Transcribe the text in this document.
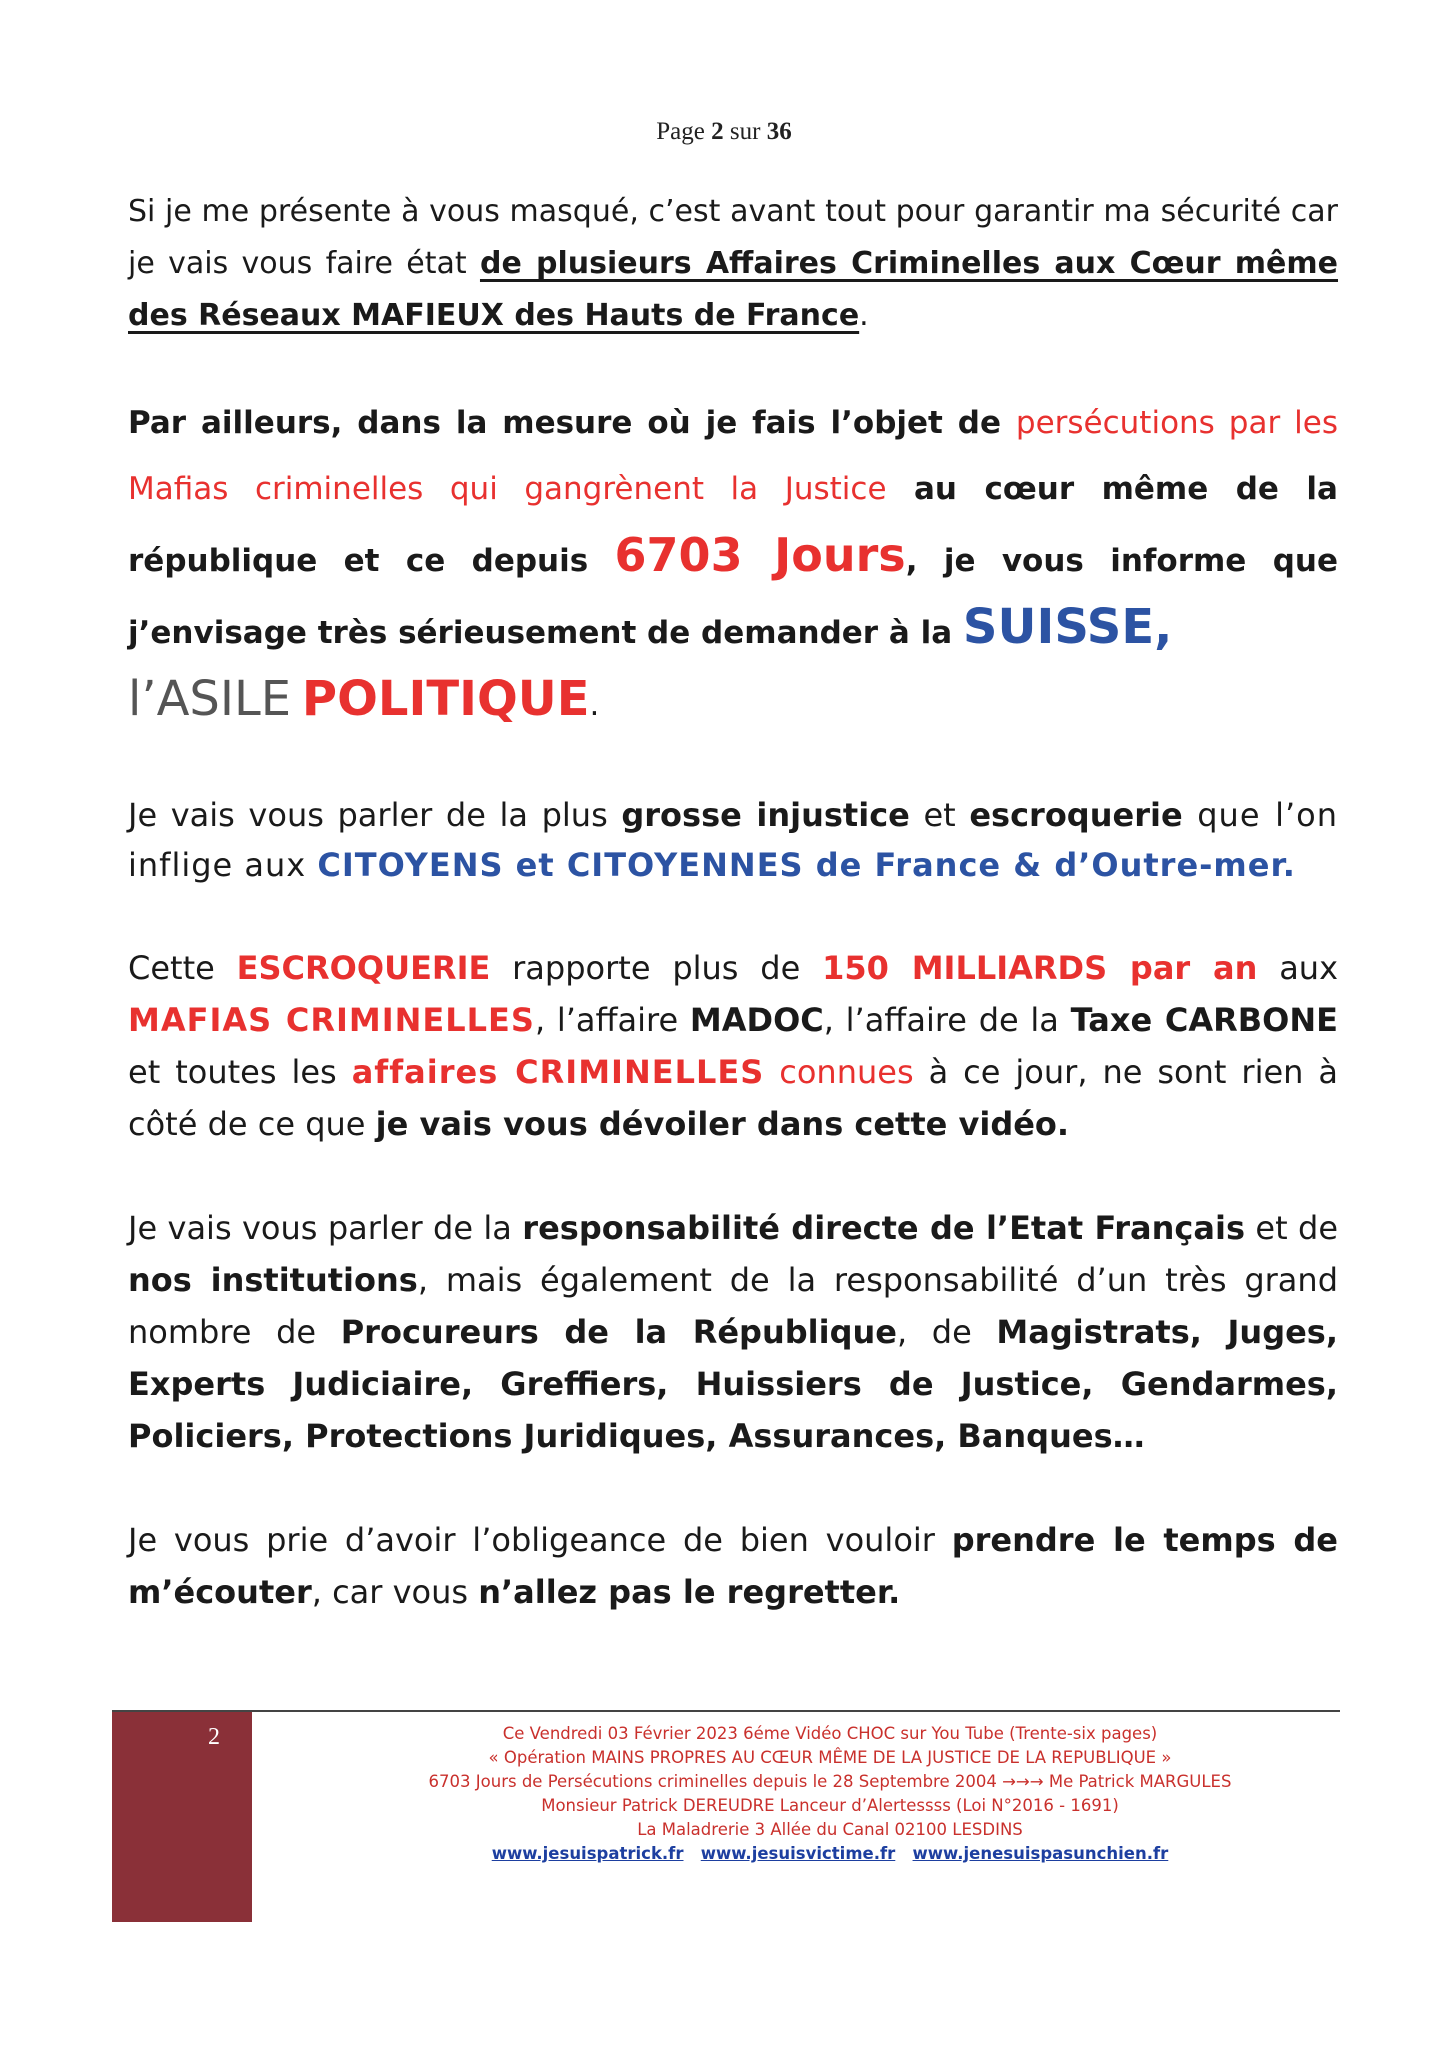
Page 2 sur 36

Si je me présente à vous masqué, c’est avant tout pour garantir ma sécurité car je vais vous faire état de plusieurs Affaires Criminelles aux Cœur même des Réseaux MAFIEUX des Hauts de France.

Par ailleurs, dans la mesure où je fais l’objet de persécutions par les Mafias criminelles qui gangrènent la Justice au cœur même de la république et ce depuis 6703 Jours, je vous informe que j’envisage très sérieusement de demander à la SUISSE,
l’ASILE POLITIQUE.

Je vais vous parler de la plus grosse injustice et escroquerie que l’on inflige aux CITOYENS et CITOYENNES de France & d’Outre-mer.

Cette ESCROQUERIE rapporte plus de 150 MILLIARDS par an aux MAFIAS CRIMINELLES, l’affaire MADOC, l’affaire de la Taxe CARBONE et toutes les affaires CRIMINELLES connues à ce jour, ne sont rien à côté de ce que je vais vous dévoiler dans cette vidéo.

Je vais vous parler de la responsabilité directe de l’Etat Français et de nos institutions, mais également de la responsabilité d’un très grand nombre de Procureurs de la République, de Magistrats, Juges, Experts Judiciaire, Greffiers, Huissiers de Justice, Gendarmes, Policiers, Protections Juridiques, Assurances, Banques…

Je vous prie d’avoir l’obligeance de bien vouloir prendre le temps de m’écouter, car vous n’allez pas le regretter.

2	Ce Vendredi 03 Février 2023 6éme Vidéo CHOC sur You Tube (Trente-six pages)
« Opération MAINS PROPRES AU CŒUR MÊME DE LA JUSTICE DE LA REPUBLIQUE »
6703 Jours de Persécutions criminelles depuis le 28 Septembre 2004 →→→ Me Patrick MARGULES
Monsieur Patrick DEREUDRE Lanceur d’Alertessss (Loi N°2016 - 1691)
La Maladrerie 3 Allée du Canal 02100 LESDINS
www.jesuispatrick.fr www.jesuisvictime.fr www.jenesuispasunchien.fr
